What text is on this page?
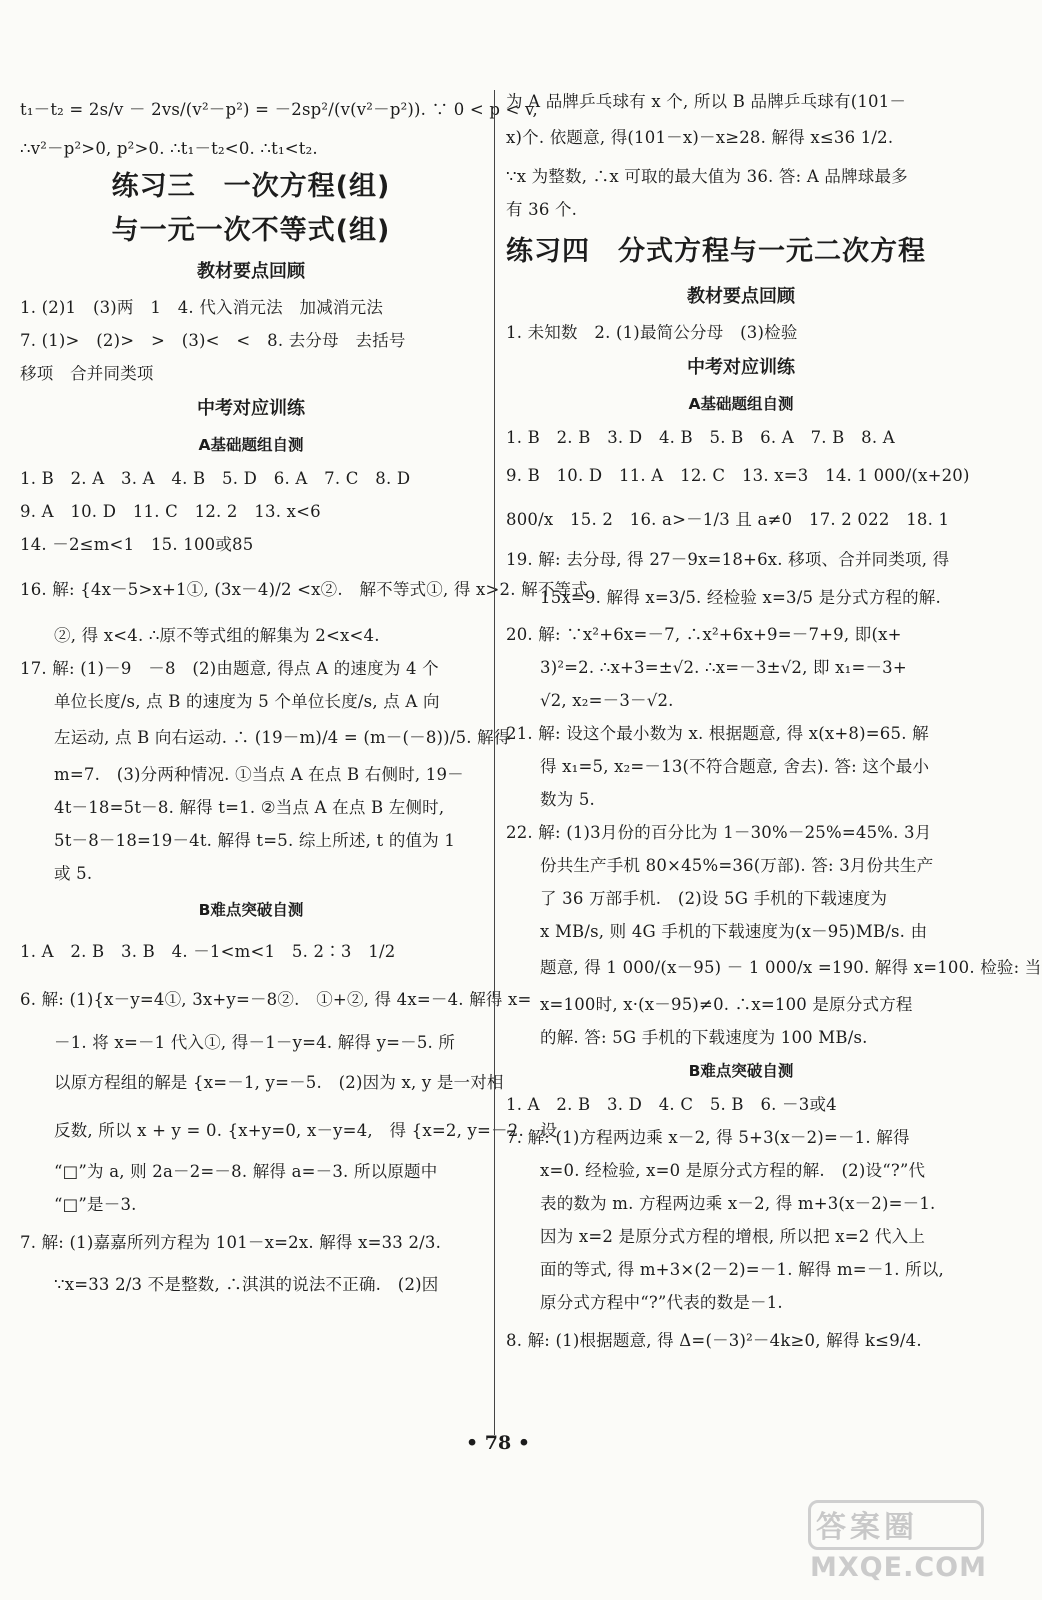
t₁－t₂ = 2s/v － 2vs/(v²－p²) = －2sp²/(v(v²－p²)). ∵ 0 < p < v,
∴v²－p²>0, p²>0. ∴t₁－t₂<0. ∴t₁<t₂.
练习三　一次方程(组)
与一元一次不等式(组)
教材要点回顾
1. (2)1　(3)两　1　4. 代入消元法　加减消元法
7. (1)>　(2)>　>　(3)<　<　8. 去分母　去括号
移项　合并同类项
中考对应训练
A基础题组自测
1. B　2. A　3. A　4. B　5. D　6. A　7. C　8. D
9. A　10. D　11. C　12. 2　13. x<6
14. －2≤m<1　15. 100或85
16. 解: {4x－5>x+1①, (3x－4)/2 <x②.　解不等式①, 得 x>2. 解不等式
②, 得 x<4. ∴原不等式组的解集为 2<x<4.
17. 解: (1)－9　－8　(2)由题意, 得点 A 的速度为 4 个
单位长度/s, 点 B 的速度为 5 个单位长度/s, 点 A 向
左运动, 点 B 向右运动. ∴ (19－m)/4 = (m－(－8))/5. 解得
m=7.　(3)分两种情况. ①当点 A 在点 B 右侧时, 19－
4t－18=5t－8. 解得 t=1. ②当点 A 在点 B 左侧时,
5t－8－18=19－4t. 解得 t=5. 综上所述, t 的值为 1
或 5.
B难点突破自测
1. A　2. B　3. B　4. －1<m<1　5. 2∶3　1/2
6. 解: (1){x－y=4①, 3x+y=－8②.　①+②, 得 4x=－4. 解得 x=
－1. 将 x=－1 代入①, 得－1－y=4. 解得 y=－5. 所
以原方程组的解是 {x=－1, y=－5.　(2)因为 x, y 是一对相
反数, 所以 x + y = 0. {x+y=0, x－y=4,　得 {x=2, y=－2.　设
“□”为 a, 则 2a－2=－8. 解得 a=－3. 所以原题中
“□”是－3.
7. 解: (1)嘉嘉所列方程为 101－x=2x. 解得 x=33 2/3.
∵x=33 2/3 不是整数, ∴淇淇的说法不正确.　(2)因
为 A 品牌乒乓球有 x 个, 所以 B 品牌乒乓球有(101－
x)个. 依题意, 得(101－x)－x≥28. 解得 x≤36 1/2.
∵x 为整数, ∴x 可取的最大值为 36. 答: A 品牌球最多
有 36 个.
练习四　分式方程与一元二次方程
教材要点回顾
1. 未知数　2. (1)最简公分母　(3)检验
中考对应训练
A基础题组自测
1. B　2. B　3. D　4. B　5. B　6. A　7. B　8. A
9. B　10. D　11. A　12. C　13. x=3　14. 1 000/(x+20)
800/x　15. 2　16. a>－1/3 且 a≠0　17. 2 022　18. 1
19. 解: 去分母, 得 27－9x=18+6x. 移项、合并同类项, 得
15x=9. 解得 x=3/5. 经检验 x=3/5 是分式方程的解.
20. 解: ∵x²+6x=－7, ∴x²+6x+9=－7+9, 即(x+
3)²=2. ∴x+3=±√2. ∴x=－3±√2, 即 x₁=－3+
√2, x₂=－3－√2.
21. 解: 设这个最小数为 x. 根据题意, 得 x(x+8)=65. 解
得 x₁=5, x₂=－13(不符合题意, 舍去). 答: 这个最小
数为 5.
22. 解: (1)3月份的百分比为 1－30%－25%=45%. 3月
份共生产手机 80×45%=36(万部). 答: 3月份共生产
了 36 万部手机.　(2)设 5G 手机的下载速度为
x MB/s, 则 4G 手机的下载速度为(x－95)MB/s. 由
题意, 得 1 000/(x－95) － 1 000/x =190. 解得 x=100. 检验: 当
x=100时, x·(x－95)≠0. ∴x=100 是原分式方程
的解. 答: 5G 手机的下载速度为 100 MB/s.
B难点突破自测
1. A　2. B　3. D　4. C　5. B　6. －3或4
7. 解: (1)方程两边乘 x－2, 得 5+3(x－2)=－1. 解得
x=0. 经检验, x=0 是原分式方程的解.　(2)设“?”代
表的数为 m. 方程两边乘 x－2, 得 m+3(x－2)=－1.
因为 x=2 是原分式方程的增根, 所以把 x=2 代入上
面的等式, 得 m+3×(2－2)=－1. 解得 m=－1. 所以,
原分式方程中“?”代表的数是－1.
8. 解: (1)根据题意, 得 Δ=(－3)²－4k≥0, 解得 k≤9/4.
• 78 •
答案圈
MXQE.COM
